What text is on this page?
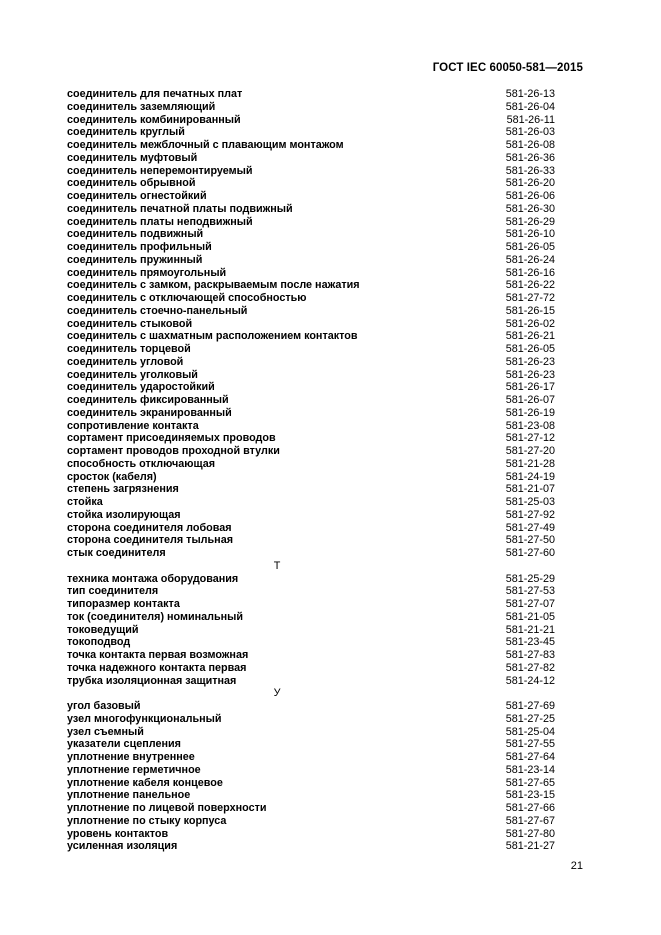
ГОСТ IEC 60050-581—2015
соединитель для печатных плат	581-26-13
соединитель заземляющий	581-26-04
соединитель комбинированный	581-26-11
соединитель круглый	581-26-03
соединитель межблочный с плавающим монтажом	581-26-08
соединитель муфтовый	581-26-36
соединитель неперемонтируемый	581-26-33
соединитель обрывной	581-26-20
соединитель огнестойкий	581-26-06
соединитель печатной платы подвижный	581-26-30
соединитель платы неподвижный	581-26-29
соединитель подвижный	581-26-10
соединитель профильный	581-26-05
соединитель пружинный	581-26-24
соединитель прямоугольный	581-26-16
соединитель с замком, раскрываемым после нажатия	581-26-22
соединитель с отключающей способностью	581-27-72
соединитель стоечно-панельный	581-26-15
соединитель стыковой	581-26-02
соединитель с шахматным расположением контактов	581-26-21
соединитель торцевой	581-26-05
соединитель угловой	581-26-23
соединитель уголковый	581-26-23
соединитель ударостойкий	581-26-17
соединитель фиксированный	581-26-07
соединитель экранированный	581-26-19
сопротивление контакта	581-23-08
сортамент присоединяемых проводов	581-27-12
сортамент проводов проходной втулки	581-27-20
способность отключающая	581-21-28
сросток (кабеля)	581-24-19
степень загрязнения	581-21-07
стойка	581-25-03
стойка изолирующая	581-27-92
сторона соединителя лобовая	581-27-49
сторона соединителя тыльная	581-27-50
стык соединителя	581-27-60
Т
техника монтажа оборудования	581-25-29
тип соединителя	581-27-53
типоразмер контакта	581-27-07
ток (соединителя) номинальный	581-21-05
токоведущий	581-21-21
токоподвод	581-23-45
точка контакта первая возможная	581-27-83
точка надежного контакта первая	581-27-82
трубка изоляционная защитная	581-24-12
У
угол базовый	581-27-69
узел многофункциональный	581-27-25
узел съемный	581-25-04
указатели сцепления	581-27-55
уплотнение внутреннее	581-27-64
уплотнение герметичное	581-23-14
уплотнение кабеля концевое	581-27-65
уплотнение панельное	581-23-15
уплотнение по лицевой поверхности	581-27-66
уплотнение по стыку корпуса	581-27-67
уровень контактов	581-27-80
усиленная изоляция	581-21-27
21
